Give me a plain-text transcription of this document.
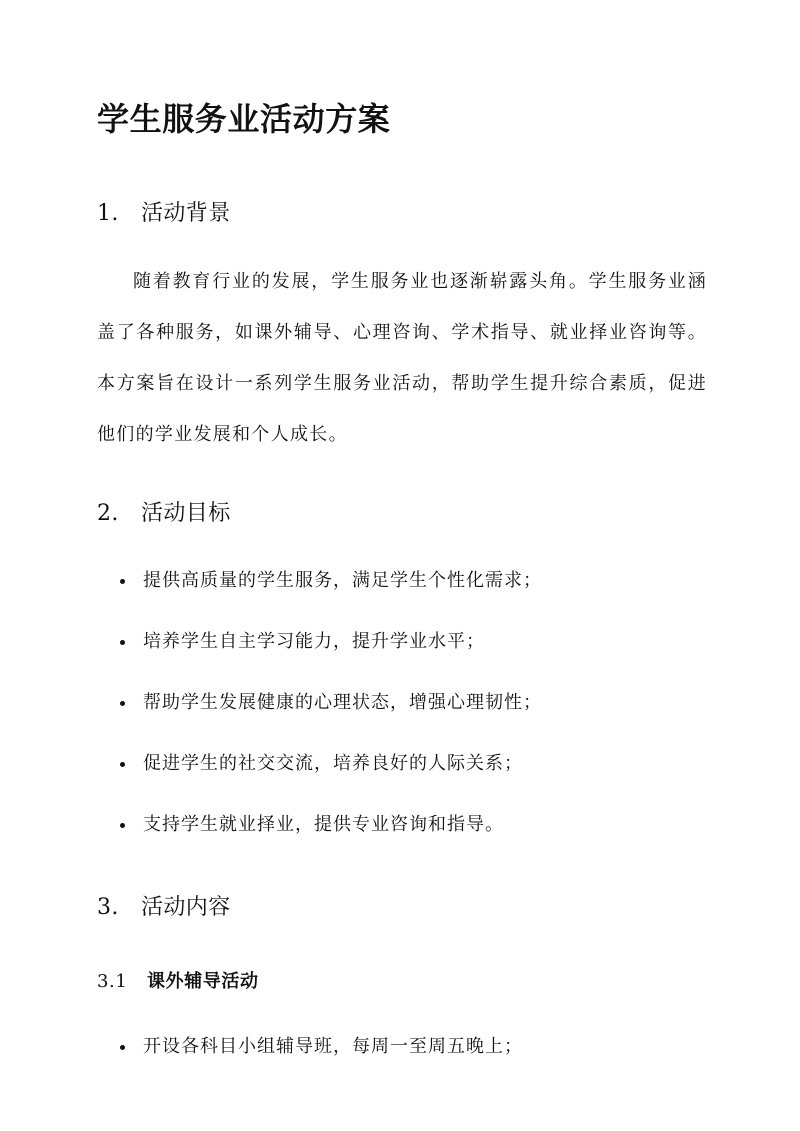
学生服务业活动方案
1. 活动背景

随着教育行业的发展，学生服务业也逐渐崭露头角。学生服务业涵盖了各种服务，如课外辅导、心理咨询、学术指导、就业择业咨询等。本方案旨在设计一系列学生服务业活动，帮助学生提升综合素质，促进他们的学业发展和个人成长。

2. 活动目标
提供高质量的学生服务，满足学生个性化需求；
培养学生自主学习能力，提升学业水平；
帮助学生发展健康的心理状态，增强心理韧性；
促进学生的社交交流，培养良好的人际关系；
支持学生就业择业，提供专业咨询和指导。
3. 活动内容
3.1 课外辅导活动
开设各科目小组辅导班，每周一至周五晚上；
